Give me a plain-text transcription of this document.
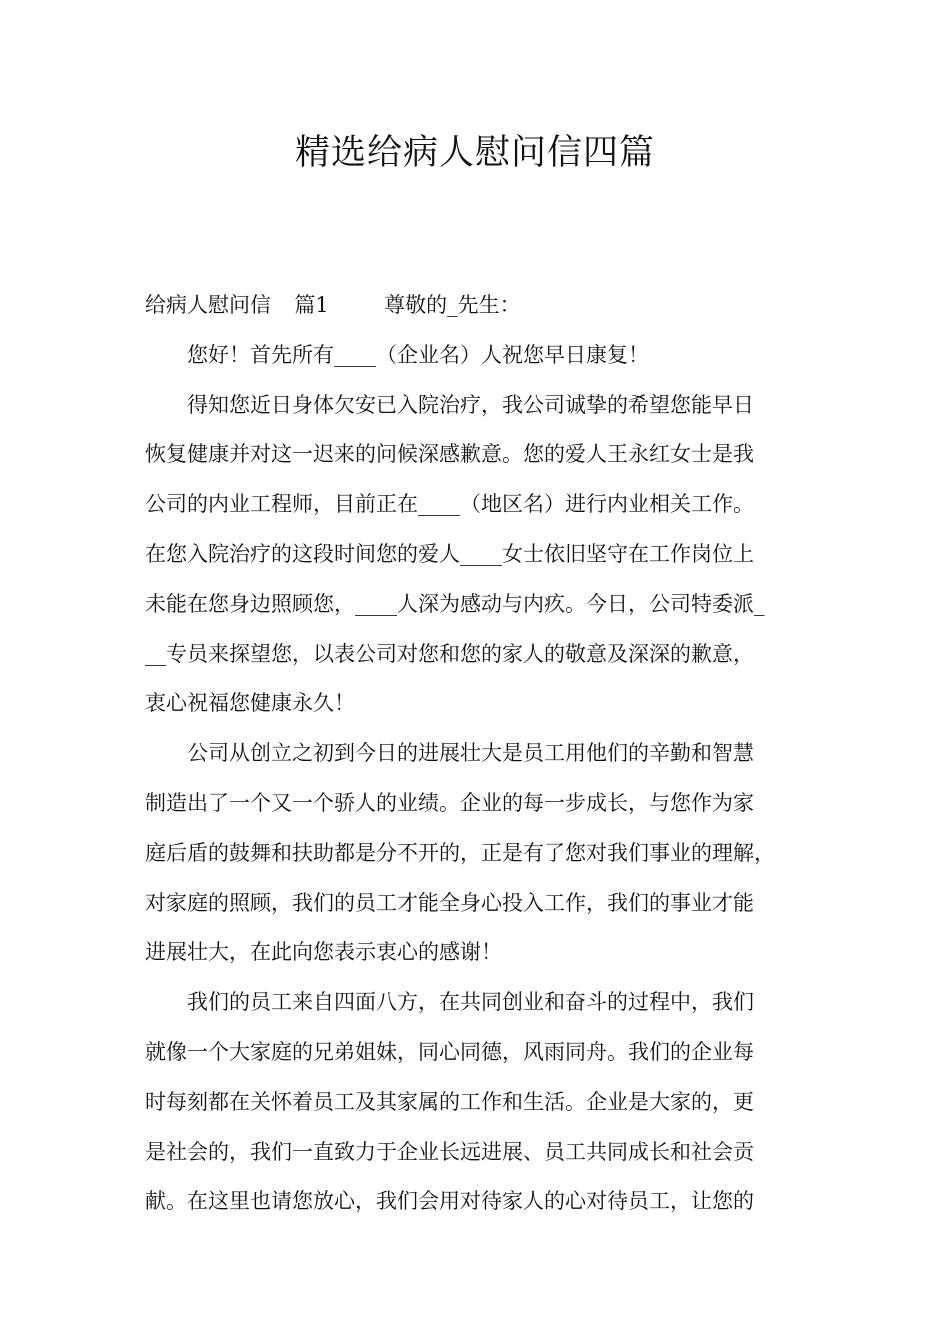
精选给病人慰问信四篇

给病人慰问信 篇1	尊敬的_先生：

您好！首先所有____（企业名）人祝您早日康复！

得知您近日身体欠安已入院治疗，我公司诚挚的希望您能早日
恢复健康并对这一迟来的问候深感歉意。您的爱人王永红女士是我
公司的内业工程师，目前正在____（地区名）进行内业相关工作。
在您入院治疗的这段时间您的爱人____女士依旧坚守在工作岗位上
未能在您身边照顾您，____人深为感动与内疚。今日，公司特委派_
__专员来探望您，以表公司对您和您的家人的敬意及深深的歉意，
衷心祝福您健康永久！

公司从创立之初到今日的进展壮大是员工用他们的辛勤和智慧
制造出了一个又一个骄人的业绩。企业的每一步成长，与您作为家
庭后盾的鼓舞和扶助都是分不开的，正是有了您对我们事业的理解，
对家庭的照顾，我们的员工才能全身心投入工作，我们的事业才能
进展壮大，在此向您表示衷心的感谢！

我们的员工来自四面八方，在共同创业和奋斗的过程中，我们
就像一个大家庭的兄弟姐妹，同心同德，风雨同舟。我们的企业每
时每刻都在关怀着员工及其家属的工作和生活。企业是大家的，更
是社会的，我们一直致力于企业长远进展、员工共同成长和社会贡
献。在这里也请您放心，我们会用对待家人的心对待员工，让您的
